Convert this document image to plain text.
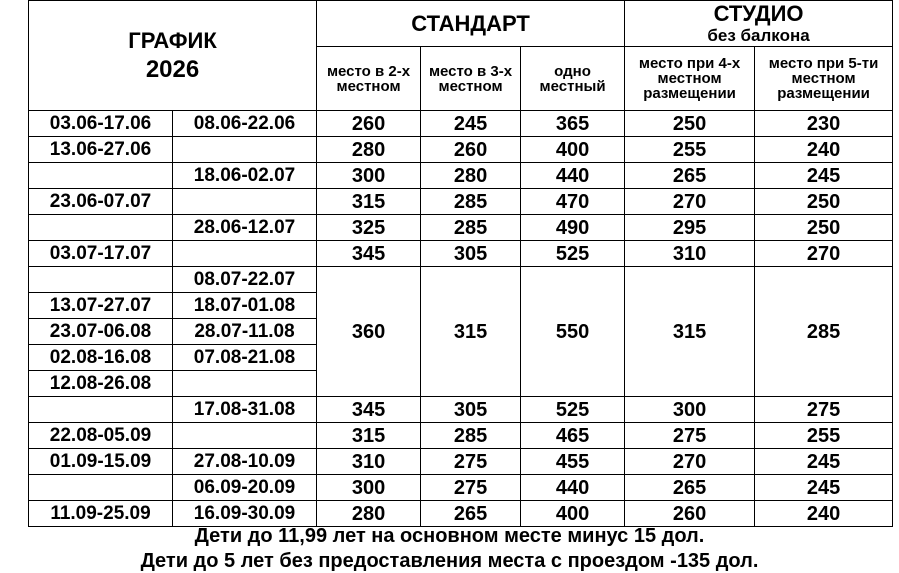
ГРАФИК
2026		СТАНДАРТ			СТУДИО
без балкона	

		место в 2-х местном	место в 3-х местном	одно местный	место при 4-х местном размещении	место при 5-ти местном размещении
03.06-17.06	08.06-22.06	260	245	365	250	230
13.06-27.06		280	260	400	255	240
	18.06-02.07	300	280	440	265	245
23.06-07.07		315	285	470	270	250
	28.06-12.07	325	285	490	295	250
03.07-17.07		345	305	525	310	270
	08.07-22.07	360	315	550	315	285
13.07-27.07	18.07-01.08					
23.07-06.08	28.07-11.08					
02.08-16.08	07.08-21.08					
12.08-26.08						
	17.08-31.08	345	305	525	300	275
22.08-05.09		315	285	465	275	255
01.09-15.09	27.08-10.09	310	275	455	270	245
	06.09-20.09	300	275	440	265	245
11.09-25.09	16.09-30.09	280	265	400	260	240
Дети до 11,99 лет на основном месте минус 15 дол.
Дети до 5 лет без предоставления места с проездом -135 дол.
